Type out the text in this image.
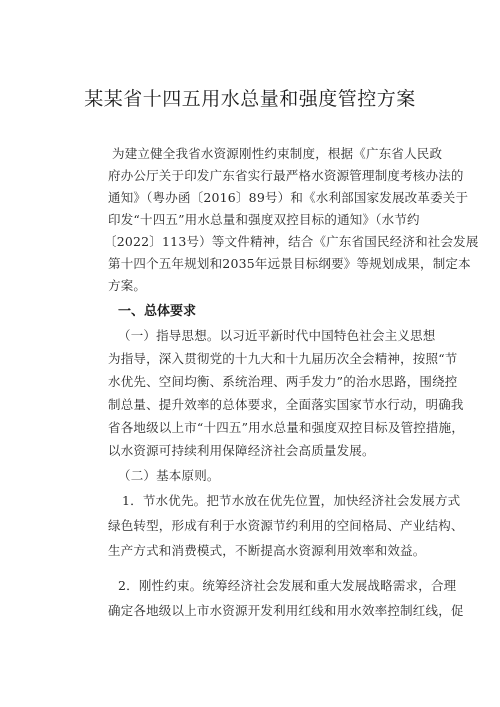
某某省十四五用水总量和强度管控方案
为建立健全我省水资源刚性约束制度，根据《广东省人民政
府办公厅关于印发广东省实行最严格水资源管理制度考核办法的
通知》（粤办函〔2016〕89号）和《水利部国家发展改革委关于
印发“十四五”用水总量和强度双控目标的通知》（水节约
〔2022〕113号）等文件精神，结合《广东省国民经济和社会发展
第十四个五年规划和2035年远景目标纲要》等规划成果，制定本
方案。
一、总体要求
（一）指导思想。以习近平新时代中国特色社会主义思想
为指导，深入贯彻党的十九大和十九届历次全会精神，按照“节
水优先、空间均衡、系统治理、两手发力”的治水思路，围绕控
制总量、提升效率的总体要求，全面落实国家节水行动，明确我
省各地级以上市“十四五”用水总量和强度双控目标及管控措施，
以水资源可持续利用保障经济社会高质量发展。
（二）基本原则。
1．节水优先。把节水放在优先位置，加快经济社会发展方式
绿色转型，形成有利于水资源节约利用的空间格局、产业结构、
生产方式和消费模式，不断提高水资源利用效率和效益。
2．刚性约束。统筹经济社会发展和重大发展战略需求，合理
确定各地级以上市水资源开发利用红线和用水效率控制红线，促
